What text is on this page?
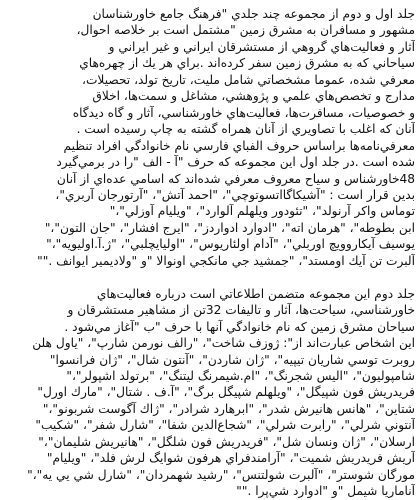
جلد اول و دوم از مجموعه چند جلدي "فرهنگ جامع خاورشناسان
مشهور و مسافران به مشرق زمين "مشتمل است بر خلاصه احوال،
آثار و فعاليت‌هاي گروهي از مستشرقان ايراني و غير ايراني و
سياحاني كه به مشرق زمين سفر كرده‌اند .براي هر يك از چهره‌هاي
معرفي شده، عموما مشخصاتي شامل مليت، تاريخ تولد، تحصيلات،
مدارج و تخصص‌هاي علمي و پژوهشي، مشاغل و سمت‌ها، اخلاق
و خصوصيات، مسافرت‌ها، فعاليت‌هاي خاورشناسي، آثار و گاه ديدگاه
آنان كه اغلب با تصاويري از آنان همراه گشته به چاپ رسيده است .
معرفي‌نامه‌ها براساس حروف الفباي فارسي نام خانوادگي افراد تنظيم
شده است .در جلد اول اين مجموعه كه حرف "آ - الف "را در برمي‌گيرد
48خاورشناس و سياح معروف معرفي شده‌اند كه اسامي عده‌اي از آنان
بدين قرار است : "آشيكاگااتسوتوچي"، "احمد آتش"، "آرتورجان آربري"،
توماس واكر آرنولد"، "تئودور ويلهلم آلوارد"، "ويليام آوزلي"،"
ابن بطوطه"، "هرمان اته"، "ادوارد ادواردز"، "ايرج افشار"، "جان التون"،"
يوسيف آيكاروويچ اوربلي"، "آدام اولئاريوس"، "اوليايچلبي"، "ژ.آ.اوليويه"،"
آلبرت تن آيك اومستد"، "جمشيد جي مانكجي اونوالا "و "ولاديمير ايوانف .""
جلد دوم اين مجموعه متضمن اطلاعاتي است درباره فعاليت‌هاي
خاورشناسي، سياحت‌ها، آثار و تاليفات 32تن از مشاهير مستشرقان و
سياحان مشرق زمين كه نام خانوادگي آنها با حرف "ب "آغاز مي‌شود .
اين اشخاص عبارت‌اند از": ژوزف شاخت"، "رالف نورمن شارپ"، "ياول هلن
روبرت توسي شاريان تيپيه"، "ژان شاردن"، "آنتون شال"، "ژان فرانسوا"
شامپوليون"، "اليس شجرنگ"، "ام.شيمرنگ ليتنگ"، "برتولد اشپولر"،"
فريدريش فون شپيگل"، "ويلهلم شپيگل برگ"، "آ.ف . شتال"، "مارك اورل"
شتاين"، "هانس هانيرش شدر"، "ابرهارد شرادر"، "ژاك آگوست شربونو"،"
آنتوني شرلي"، "رابرت شرلي"، "شجاع‌الدين شفا"، "شارل شفر"، "شكيب"
ارسلان"، "ژان ونسان شل"، "فريدريش فون شلگل"، "هانيريش شليمان"،"
آريش فريدريش شميت"، "آرامندفراي هرفون شوايگ لرش فلد"، "ويليام"
مورگان شوستر"، "آلبرت شولتنس"، "رشيد شهمردان"، "شارل شي يي يه"،"
آناماريا شيمل "و "ادوارد شي‌پرا .""
